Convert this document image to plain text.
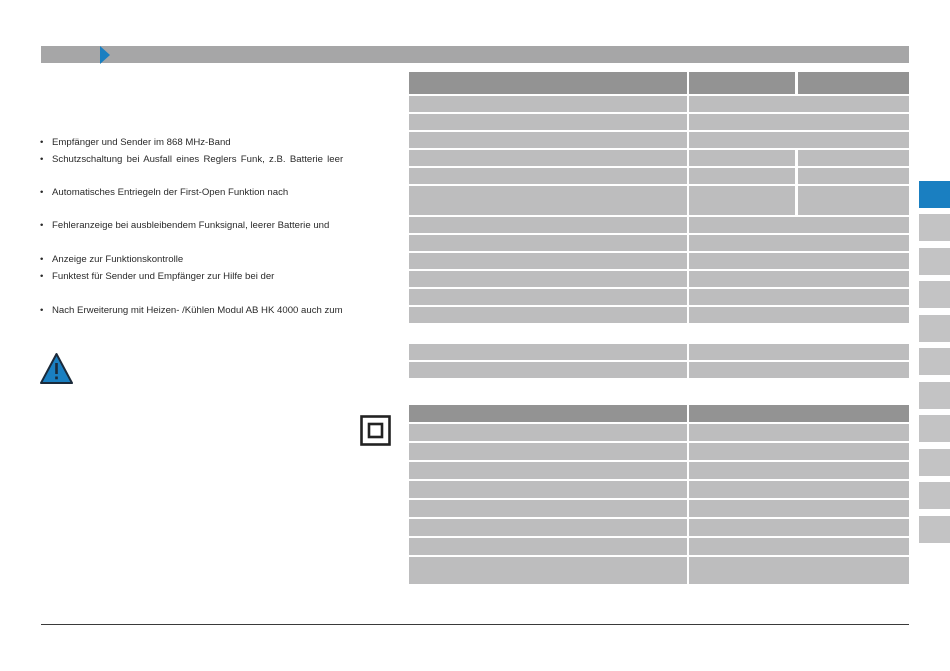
• Empfänger und Sender im 868 MHz-Band
• Schutzschaltung bei Ausfall eines Reglers Funk, z.B. Batterie leer
• Automatisches Entriegeln der First-Open Funktion nach
• Fehleranzeige bei ausbleibendem Funksignal, leerer Batterie und
• Anzeige zur Funktionskontrolle
• Funktest für Sender und Empfänger zur Hilfe bei der
• Nach Erweiterung mit Heizen- /Kühlen Modul AB HK 4000 auch zum
